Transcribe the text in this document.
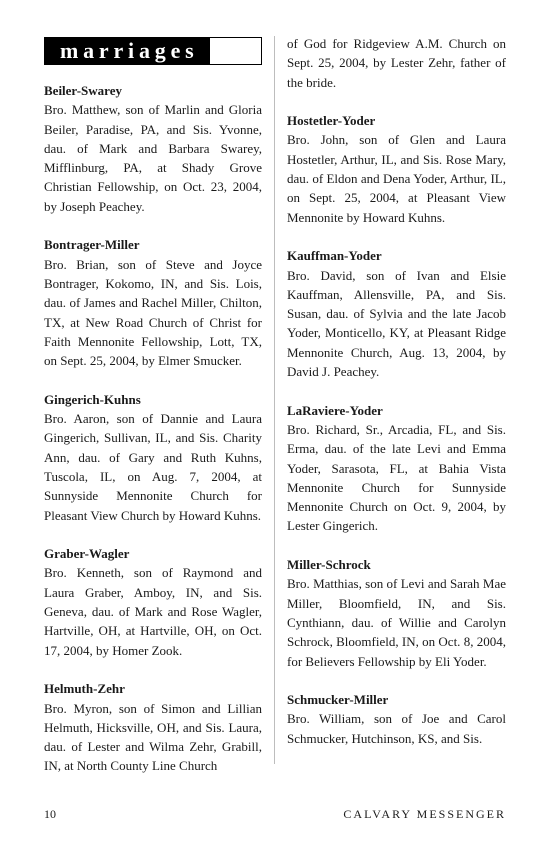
marriages
Beiler-Swarey
Bro. Matthew, son of Marlin and Gloria Beiler, Paradise, PA, and Sis. Yvonne, dau. of Mark and Barbara Swarey, Mifflinburg, PA, at Shady Grove Christian Fellowship, on Oct. 23, 2004, by Joseph Peachey.
Bontrager-Miller
Bro. Brian, son of Steve and Joyce Bontrager, Kokomo, IN, and Sis. Lois, dau. of James and Rachel Miller, Chilton, TX, at New Road Church of Christ for Faith Mennonite Fellowship, Lott, TX, on Sept. 25, 2004, by Elmer Smucker.
Gingerich-Kuhns
Bro. Aaron, son of Dannie and Laura Gingerich, Sullivan, IL, and Sis. Charity Ann, dau. of Gary and Ruth Kuhns, Tuscola, IL, on Aug. 7, 2004, at Sunnyside Mennonite Church for Pleasant View Church by Howard Kuhns.
Graber-Wagler
Bro. Kenneth, son of Raymond and Laura Graber, Amboy, IN, and Sis. Geneva, dau. of Mark and Rose Wagler, Hartville, OH, at Hartville, OH, on Oct. 17, 2004, by Homer Zook.
Helmuth-Zehr
Bro. Myron, son of Simon and Lillian Helmuth, Hicksville, OH, and Sis. Laura, dau. of Lester and Wilma Zehr, Grabill, IN, at North County Line Church
of God for Ridgeview A.M. Church on Sept. 25, 2004, by Lester Zehr, father of the bride.
Hostetler-Yoder
Bro. John, son of Glen and Laura Hostetler, Arthur, IL, and Sis. Rose Mary, dau. of Eldon and Dena Yoder, Arthur, IL, on Sept. 25, 2004, at Pleasant View Mennonite by Howard Kuhns.
Kauffman-Yoder
Bro. David, son of Ivan and Elsie Kauffman, Allensville, PA, and Sis. Susan, dau. of Sylvia and the late Jacob Yoder, Monticello, KY, at Pleasant Ridge Mennonite Church, Aug. 13, 2004, by David J. Peachey.
LaRaviere-Yoder
Bro. Richard, Sr., Arcadia, FL, and Sis. Erma, dau. of the late Levi and Emma Yoder, Sarasota, FL, at Bahia Vista Mennonite Church for Sunnyside Mennonite Church on Oct. 9, 2004, by Lester Gingerich.
Miller-Schrock
Bro. Matthias, son of Levi and Sarah Mae Miller, Bloomfield, IN, and Sis. Cynthiann, dau. of Willie and Carolyn Schrock, Bloomfield, IN, on Oct. 8, 2004, for Believers Fellowship by Eli Yoder.
Schmucker-Miller
Bro. William, son of Joe and Carol Schmucker, Hutchinson, KS, and Sis.
10	CALVARY MESSENGER
